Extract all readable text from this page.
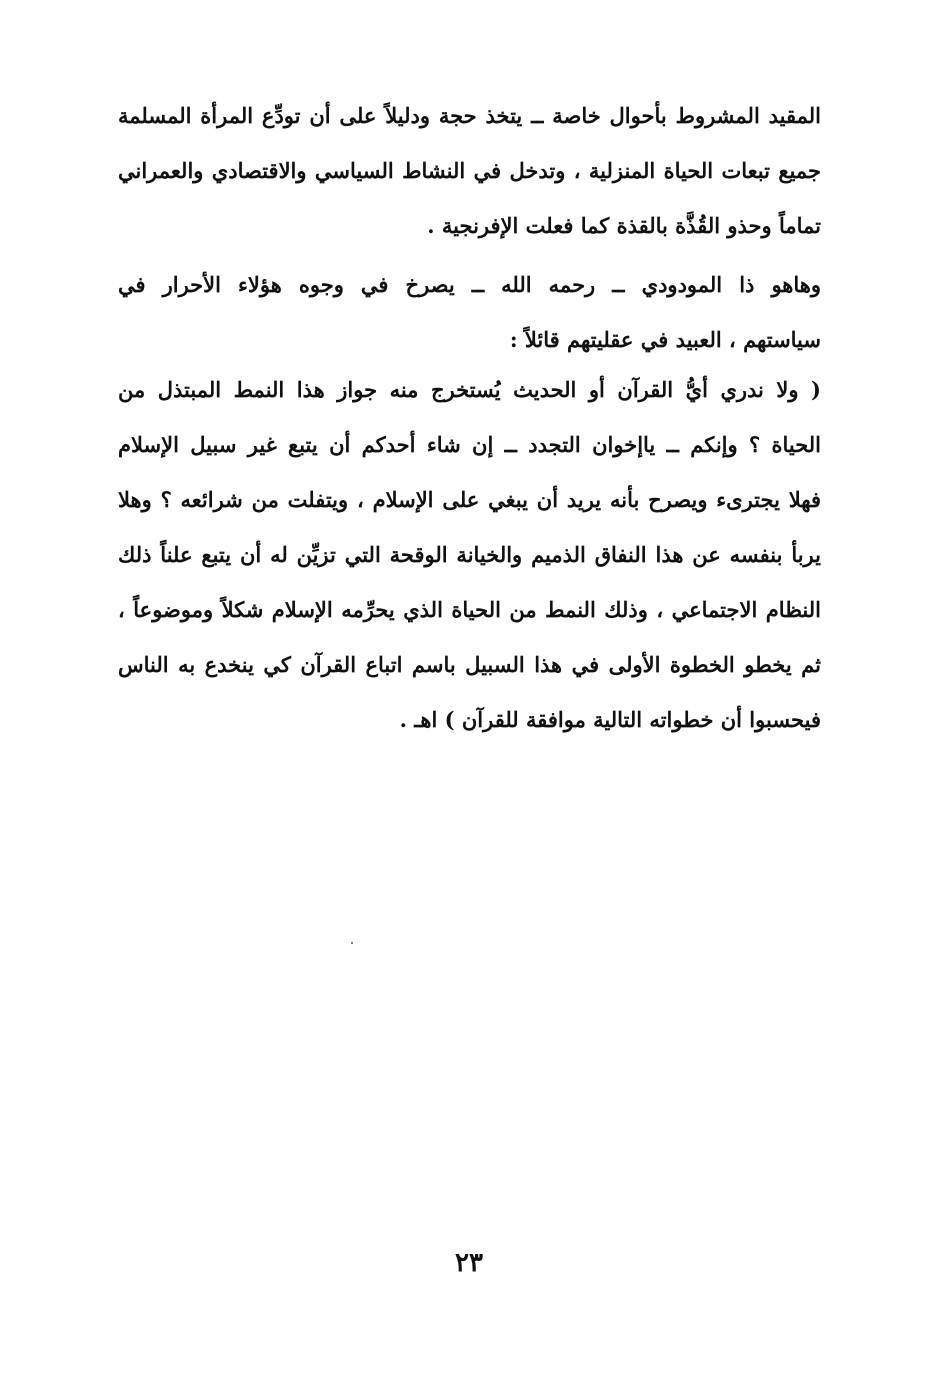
المقيد المشروط بأحوال خاصة ــ يتخذ حجة ودليلاً على أن تودِّع المرأة المسلمة
جميع تبعات الحياة المنزلية ، وتدخل في النشاط السياسي والاقتصادي والعمراني
تماماً وحذو القُذَّة بالقذة كما فعلت الإفرنجية .
وهاهو ذا المودودي ــ رحمه الله ــ يصرخ في وجوه هؤلاء الأحرار في
سياستهم ، العبيد في عقليتهم قائلاً :
( ولا ندري أيُّ القرآن أو الحديث يُستخرج منه جواز هذا النمط المبتذل من
الحياة ؟ وإنكم ــ ياإخوان التجدد ــ إن شاء أحدكم أن يتبع غير سبيل الإسلام
فهلا يجترىء ويصرح بأنه يريد أن يبغي على الإسلام ، ويتفلت من شرائعه ؟ وهلا
يربأ بنفسه عن هذا النفاق الذميم والخيانة الوقحة التي تزيِّن له أن يتبع علناً ذلك
النظام الاجتماعي ، وذلك النمط من الحياة الذي يحرِّمه الإسلام شكلاً وموضوعاً ،
ثم يخطو الخطوة الأولى في هذا السبيل باسم اتباع القرآن كي ينخدع به الناس
فيحسبوا أن خطواته التالية موافقة للقرآن ) اهـ .
٢٣
